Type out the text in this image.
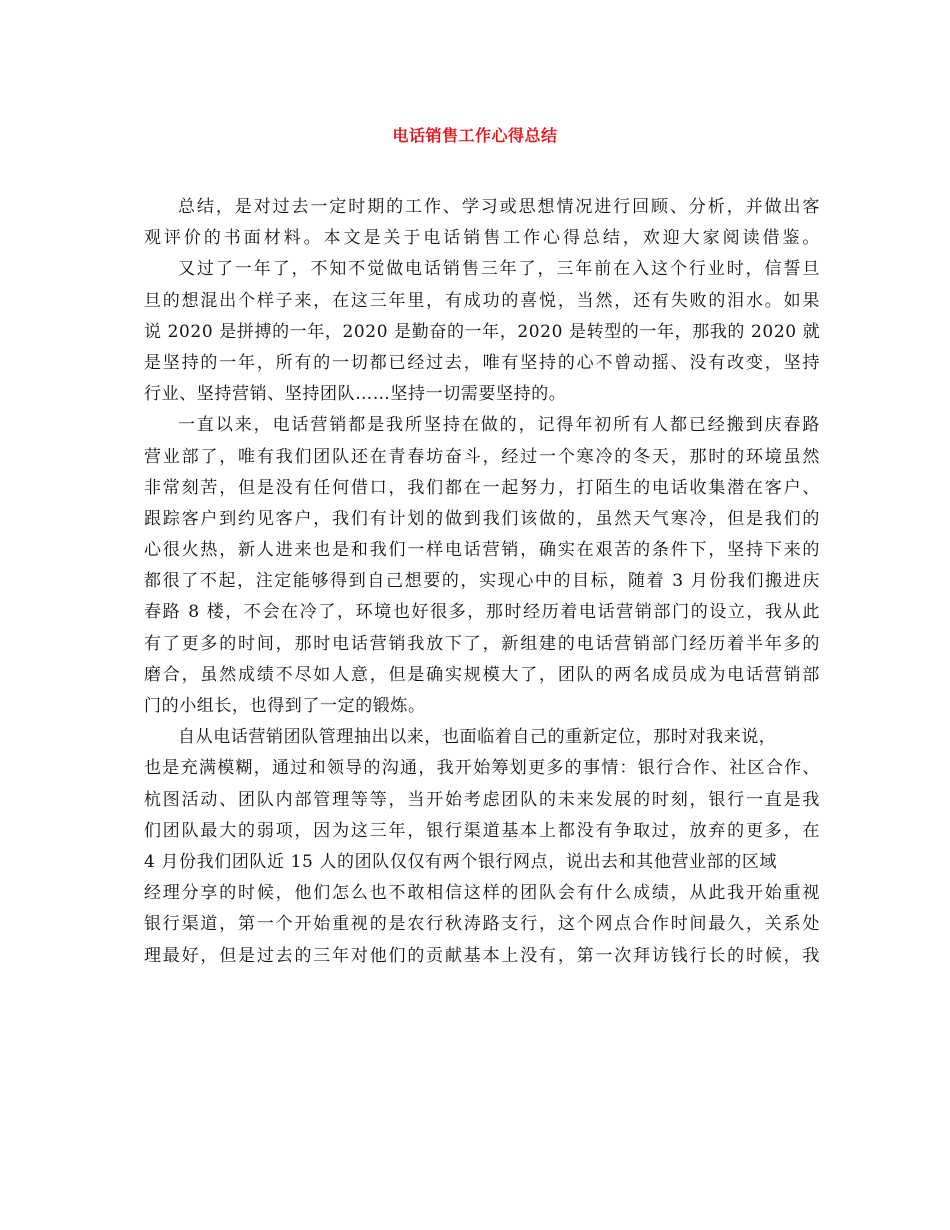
电话销售工作心得总结
总结，是对过去一定时期的工作、学习或思想情况进行回顾、分析，并做出客
观评价的书面材料。本文是关于电话销售工作心得总结，欢迎大家阅读借鉴。
又过了一年了，不知不觉做电话销售三年了，三年前在入这个行业时，信誓旦
旦的想混出个样子来，在这三年里，有成功的喜悦，当然，还有失败的泪水。如果
说 2020 是拼搏的一年，2020 是勤奋的一年，2020 是转型的一年，那我的 2020 就
是坚持的一年，所有的一切都已经过去，唯有坚持的心不曾动摇、没有改变，坚持
行业、坚持营销、坚持团队……坚持一切需要坚持的。
一直以来，电话营销都是我所坚持在做的，记得年初所有人都已经搬到庆春路
营业部了，唯有我们团队还在青春坊奋斗，经过一个寒冷的冬天，那时的环境虽然
非常刻苦，但是没有任何借口，我们都在一起努力，打陌生的电话收集潜在客户、
跟踪客户到约见客户，我们有计划的做到我们该做的，虽然天气寒冷，但是我们的
心很火热，新人进来也是和我们一样电话营销，确实在艰苦的条件下，坚持下来的
都很了不起，注定能够得到自己想要的，实现心中的目标，随着 3 月份我们搬进庆
春路 8 楼，不会在冷了，环境也好很多，那时经历着电话营销部门的设立，我从此
有了更多的时间，那时电话营销我放下了，新组建的电话营销部门经历着半年多的
磨合，虽然成绩不尽如人意，但是确实规模大了，团队的两名成员成为电话营销部
门的小组长，也得到了一定的锻炼。
自从电话营销团队管理抽出以来，也面临着自己的重新定位，那时对我来说，
也是充满模糊，通过和领导的沟通，我开始筹划更多的事情：银行合作、社区合作、
杭图活动、团队内部管理等等，当开始考虑团队的未来发展的时刻，银行一直是我
们团队最大的弱项，因为这三年，银行渠道基本上都没有争取过，放弃的更多，在
4 月份我们团队近 15 人的团队仅仅有两个银行网点，说出去和其他营业部的区域
经理分享的时候，他们怎么也不敢相信这样的团队会有什么成绩，从此我开始重视
银行渠道，第一个开始重视的是农行秋涛路支行，这个网点合作时间最久，关系处
理最好，但是过去的三年对他们的贡献基本上没有，第一次拜访钱行长的时候，我
